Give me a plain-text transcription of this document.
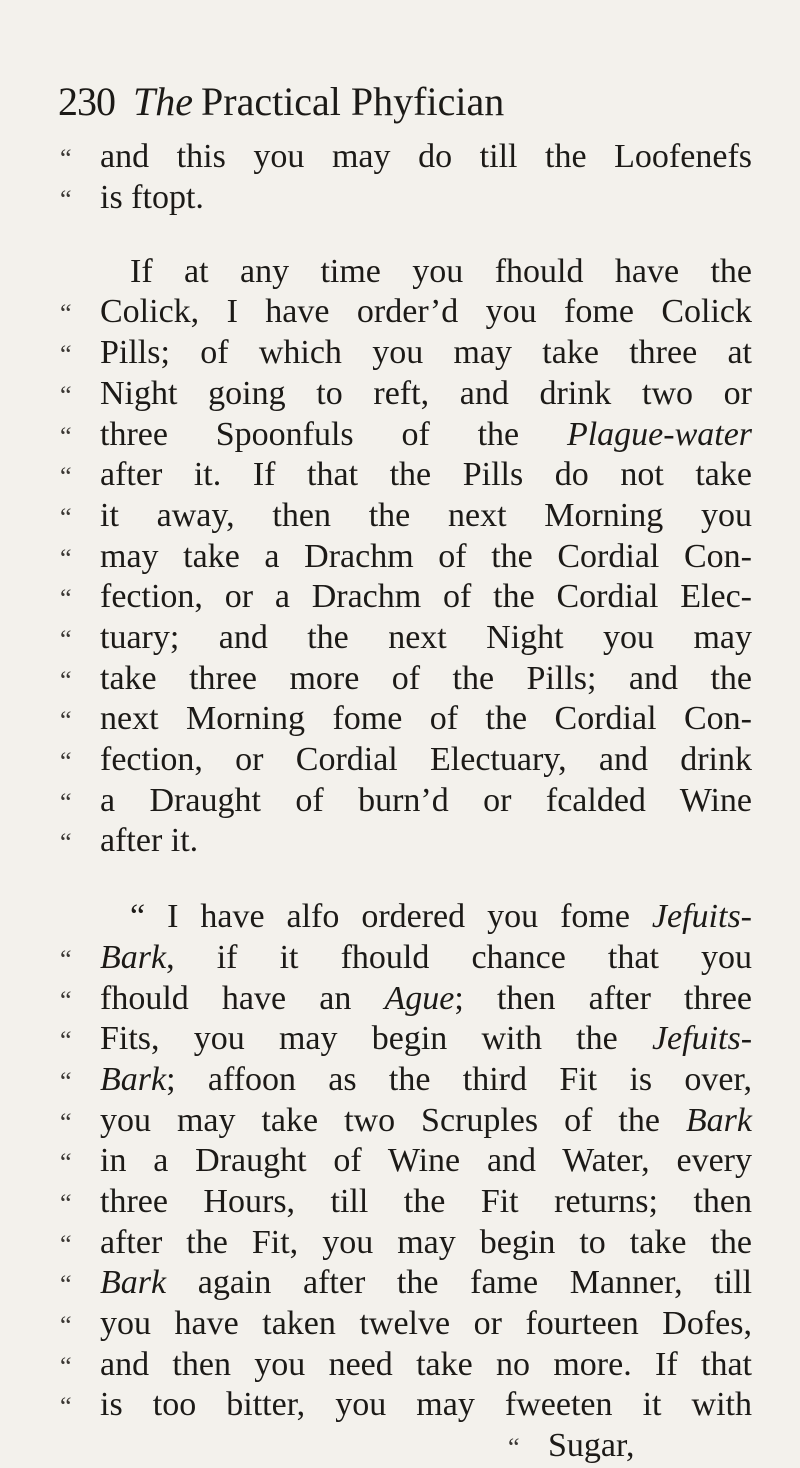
230 The Practical Phyfician
“ and this you may do till the Loofenefs
“ is ftopt.
If at any time you fhould have the
“ Colick, I have order’d you fome Colick
“ Pills; of which you may take three at
“ Night going to reft, and drink two or
“ three Spoonfuls of the Plague-water
“ after it. If that the Pills do not take
“ it away, then the next Morning you
“ may take a Drachm of the Cordial Con-
“ fection, or a Drachm of the Cordial Elec-
“ tuary; and the next Night you may
“ take three more of the Pills; and the
“ next Morning fome of the Cordial Con-
“ fection, or Cordial Electuary, and drink
“ a Draught of burn’d or fcalded Wine
“ after it.
“ I have alfo ordered you fome Jefuits-
“ Bark, if it fhould chance that you
“ fhould have an Ague; then after three
“ Fits, you may begin with the Jefuits-
“ Bark; affoon as the third Fit is over,
“ you may take two Scruples of the Bark
“ in a Draught of Wine and Water, every
“ three Hours, till the Fit returns; then
“ after the Fit, you may begin to take the
“ Bark again after the fame Manner, till
“ you have taken twelve or fourteen Dofes,
“ and then you need take no more. If that
“ is too bitter, you may fweeten it with
“ Sugar,
